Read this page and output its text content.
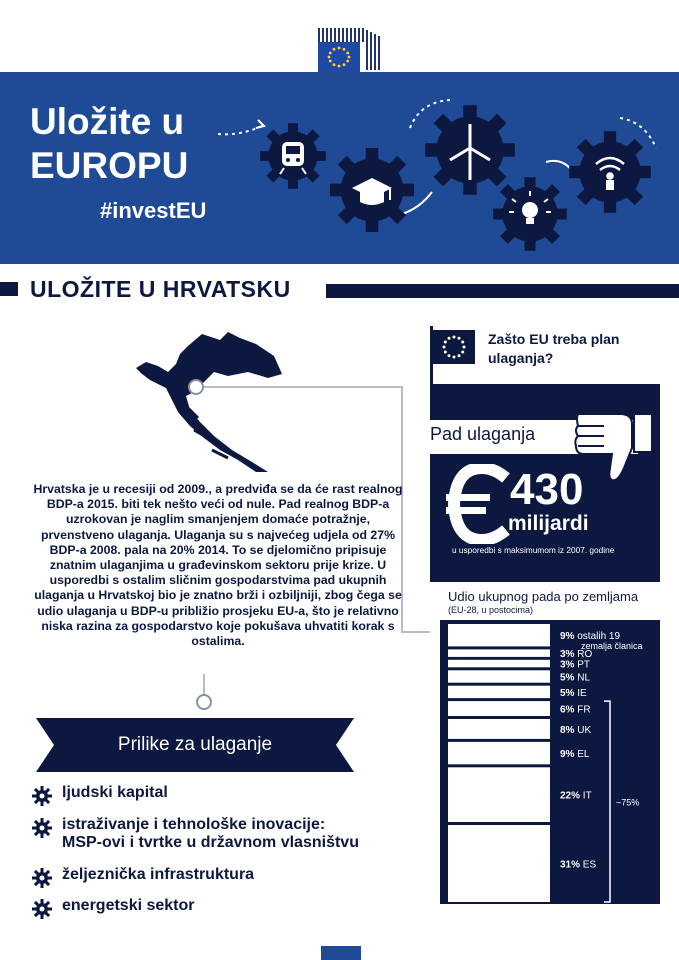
Uložite u
EUROPU
#investEU
ULOŽITE U HRVATSKU
Hrvatska je u recesiji od 2009., a predviđa se da će rast realnog BDP-a 2015. biti tek nešto veći od nule. Pad realnog BDP-a uzrokovan je naglim smanjenjem domaće potražnje, prvenstveno ulaganja. Ulaganja su s najvećeg udjela od 27% BDP-a 2008. pala na 20% 2014. To se djelomično pripisuje znatnim ulaganjima u građevinskom sektoru prije krize. U usporedbi s ostalim sličnim gospodarstvima pad ukupnih ulaganja u Hrvatskoj bio je znatno brži i ozbiljniji, zbog čega se udio ulaganja u BDP-u približio prosjeku EU-a, što je relativno niska razina za gospodarstvo koje pokušava uhvatiti korak s ostalima.
Prilike za ulaganje
ljudski kapital
istraživanje i tehnološke inovacije:
MSP-ovi i tvrtke u državnom vlasništvu
željeznička infrastruktura
energetski sektor
Zašto EU treba plan ulaganja?
Pad ulaganja
430
milijardi
u usporedbi s maksimumom iz 2007. godine
Udio ukupnog pada po zemljama
(EU-28, u postocima)
9% ostalih 19
zemalja članica
3% RO
3% PT
5% NL
5% IE
6% FR
8% UK
9% EL
22% IT
31% ES
~75%
